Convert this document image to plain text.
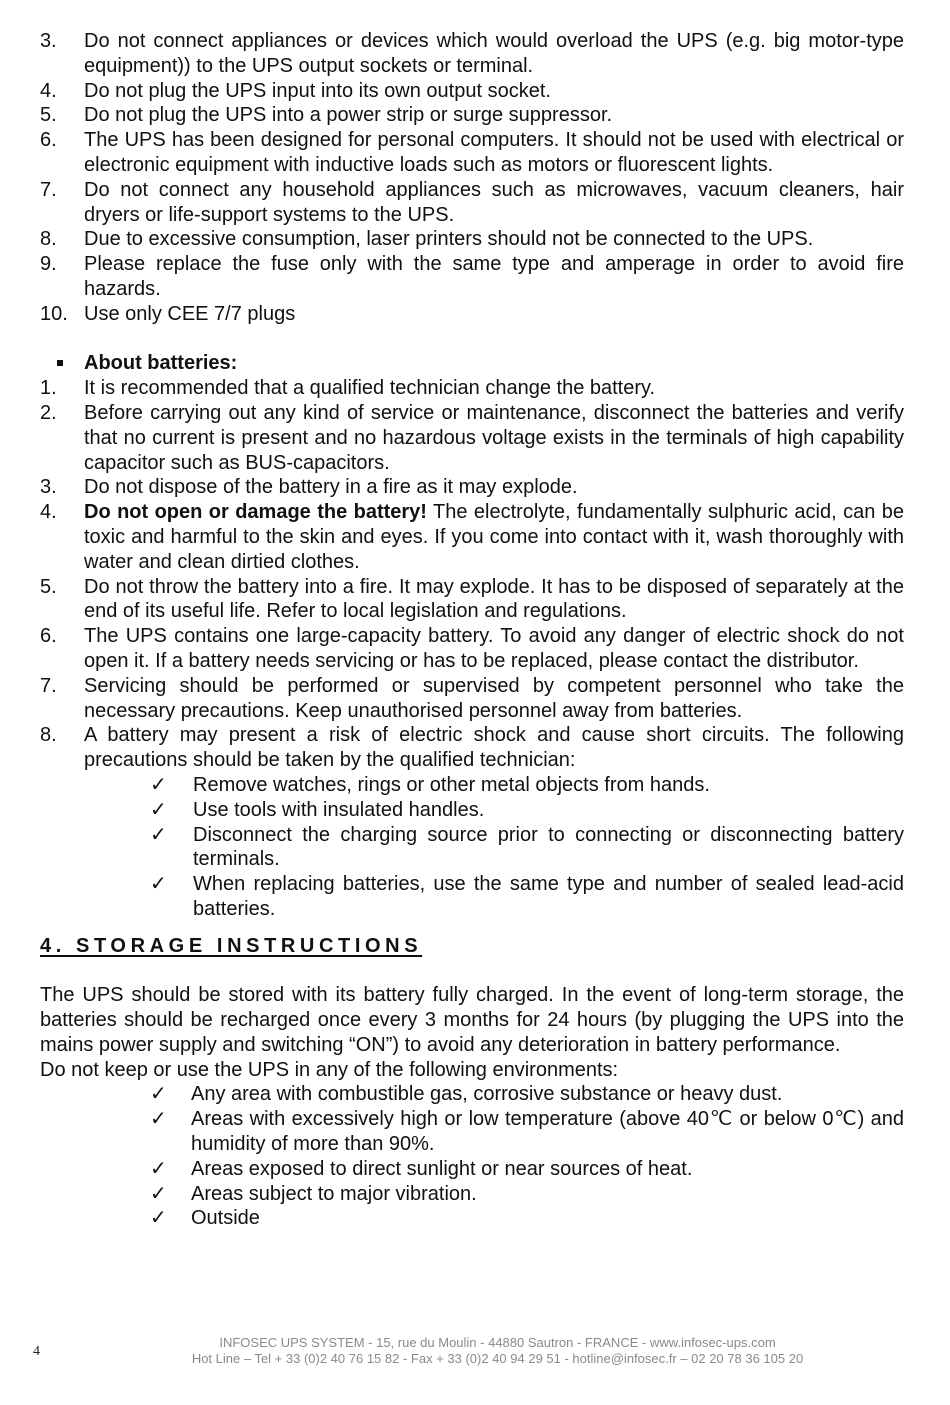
3. Do not connect appliances or devices which would overload the UPS (e.g. big motor-type equipment)) to the UPS output sockets or terminal.
4. Do not plug the UPS input into its own output socket.
5. Do not plug the UPS into a power strip or surge suppressor.
6. The UPS has been designed for personal computers. It should not be used with electrical or electronic equipment with inductive loads such as motors or fluorescent lights.
7. Do not connect any household appliances such as microwaves, vacuum cleaners, hair dryers or life-support systems to the UPS.
8. Due to excessive consumption, laser printers should not be connected to the UPS.
9. Please replace the fuse only with the same type and amperage in order to avoid fire hazards.
10. Use only CEE 7/7 plugs
About batteries:
1. It is recommended that a qualified technician change the battery.
2. Before carrying out any kind of service or maintenance, disconnect the batteries and verify that no current is present and no hazardous voltage exists in the terminals of high capability capacitor such as BUS-capacitors.
3. Do not dispose of the battery in a fire as it may explode.
4. Do not open or damage the battery! The electrolyte, fundamentally sulphuric acid, can be toxic and harmful to the skin and eyes. If you come into contact with it, wash thoroughly with water and clean dirtied clothes.
5. Do not throw the battery into a fire. It may explode. It has to be disposed of separately at the end of its useful life. Refer to local legislation and regulations.
6. The UPS contains one large-capacity battery. To avoid any danger of electric shock do not open it. If a battery needs servicing or has to be replaced, please contact the distributor.
7. Servicing should be performed or supervised by competent personnel who take the necessary precautions. Keep unauthorised personnel away from batteries.
8. A battery may present a risk of electric shock and cause short circuits. The following precautions should be taken by the qualified technician:
✓ Remove watches, rings or other metal objects from hands.
✓ Use tools with insulated handles.
✓ Disconnect the charging source prior to connecting or disconnecting battery terminals.
✓ When replacing batteries, use the same type and number of sealed lead-acid batteries.
4. STORAGE INSTRUCTIONS

The UPS should be stored with its battery fully charged. In the event of long-term storage, the batteries should be recharged once every 3 months for 24 hours (by plugging the UPS into the mains power supply and switching “ON”) to avoid any deterioration in battery performance.

Do not keep or use the UPS in any of the following environments:

✓ Any area with combustible gas, corrosive substance or heavy dust.
✓ Areas with excessively high or low temperature (above 40℃ or below 0℃) and humidity of more than 90%.
✓ Areas exposed to direct sunlight or near sources of heat.
✓ Areas subject to major vibration.
✓ Outside
4
INFOSEC UPS SYSTEM - 15, rue du Moulin - 44880 Sautron - FRANCE - www.infosec-ups.com
Hot Line – Tel + 33 (0)2 40 76 15 82 - Fax + 33 (0)2 40 94 29 51 - hotline@infosec.fr – 02 20 78 36 105 20
